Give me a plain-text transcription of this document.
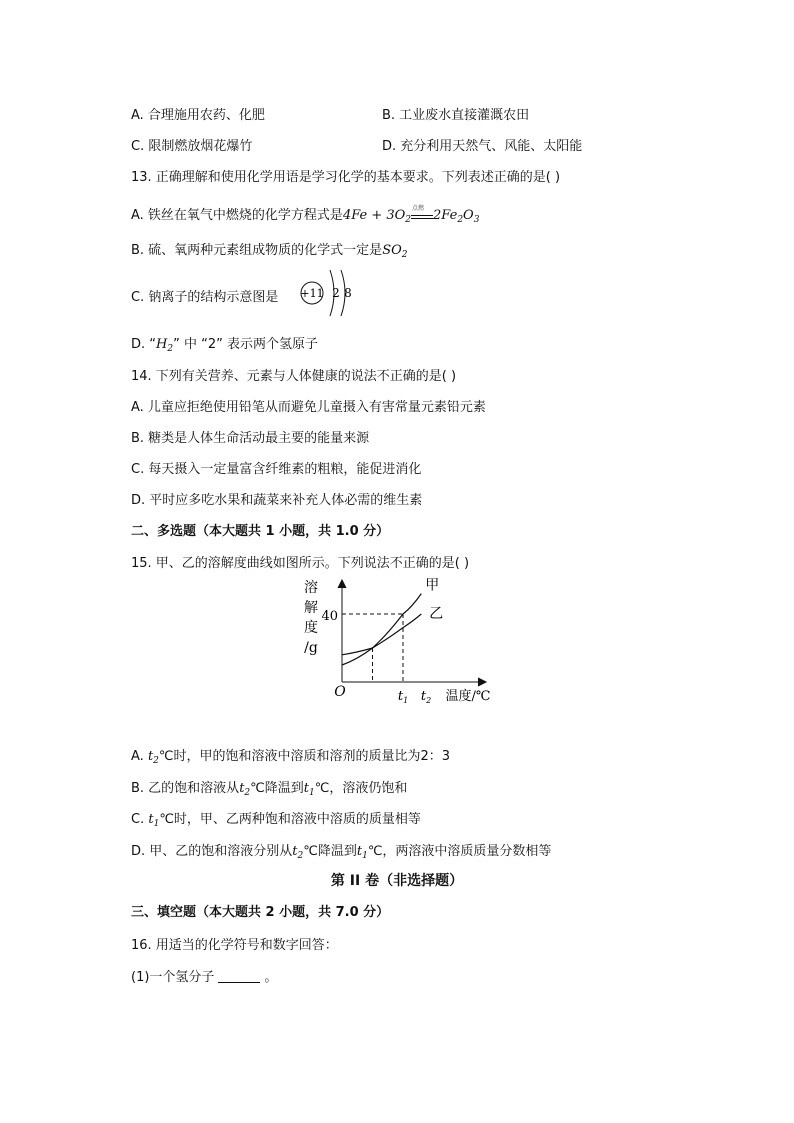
A. 合理施用农药、化肥	B. 工业废水直接灌溉农田
C. 限制燃放烟花爆竹	D. 充分利用天然气、风能、太阳能
13. 正确理解和使用化学用语是学习化学的基本要求。下列表述正确的是( )
A. 铁丝在氧气中燃烧的化学方程式是$4Fe + 3O_2$
点燃 $2Fe_2O_3$
B. 硫、氧两种元素组成物质的化学式一定是$SO_2$
C. 钠离子的结构示意图是 +11 2 8
D. “$H_2$” 中 “2” 表示两个氢原子
14. 下列有关营养、元素与人体健康的说法不正确的是( )
A. 儿童应拒绝使用铅笔从而避免儿童摄入有害常量元素铅元素
B. 糖类是人体生命活动最主要的能量来源
C. 每天摄入一定量富含纤维素的粗粮，能促进消化
D. 平时应多吃水果和蔬菜来补充人体必需的维生素
二、多选题（本大题共 1 小题，共 1.0 分）
15. 甲、乙的溶解度曲线如图所示。下列说法不正确的是( )
溶
解
度
/g
O
40
$t_1$ $t_2$ 温度/℃
甲
乙
A. $t_2℃$时，甲的饱和溶液中溶质和溶剂的质量比为2：3
B. 乙的饱和溶液从$t_2℃$降温到$t_1℃$，溶液仍饱和
C. $t_1℃$时，甲、乙两种饱和溶液中溶质的质量相等
D. 甲、乙的饱和溶液分别从$t_2℃$降温到$t_1℃$，两溶液中溶质质量分数相等
第 II 卷（非选择题）
三、填空题（本大题共 2 小题，共 7.0 分）
16. 用适当的化学符号和数字回答：
(1)一个氢分子	。
